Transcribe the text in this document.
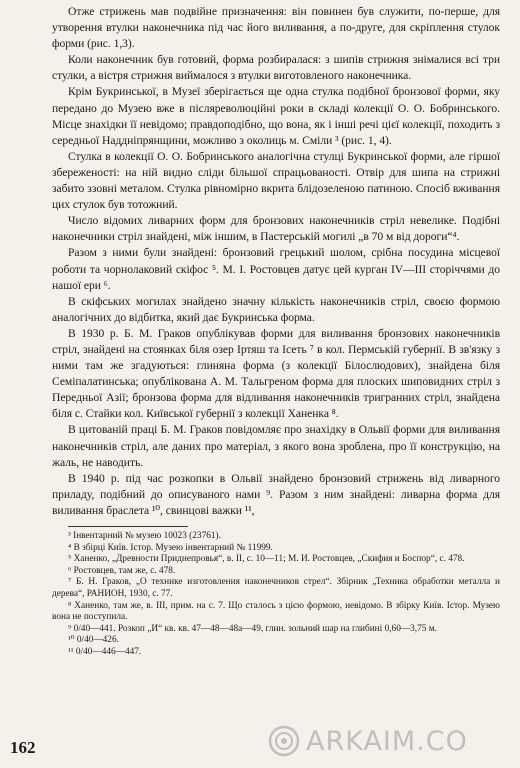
Отже стрижень мав подвійне призначення: він повинен був служити, по-перше, для утворення втулки наконечника під час його виливання, а по-друге, для скріплення стулок форми (рис. 1,3).

Коли наконечник був готовий, форма розбиралася: з шипів стрижня знімалися всі три стулки, а вістря стрижня виймалося з втулки виготовленого наконечника.

Крім Букринської, в Музеї зберігається ще одна стулка подібної бронзової форми, яку передано до Музею вже в післяреволюційні роки в складі колекції О. О. Бобринського. Місце знахідки її невідомо; правдоподібно, що вона, як і інші речі цієї колекції, походить з середньої Наддніпрянщини, можливо з околиць м. Сміли ³ (рис. 1, 4).

Стулка в колекції О. О. Бобринського аналогічна стулці Букринської форми, але гіршої збереженості: на ній видно сліди більшої спрацьованості. Отвір для шипа на стрижні забито ззовні металом. Стулка рівномірно вкрита блідозеленою патиною. Спосіб вживання цих стулок був тотожний.

Число відомих ливарних форм для бронзових наконечників стріл невелике. Подібні наконечники стріл знайдені, між іншим, в Пастерській могилі „в 70 м від дороги“⁴.

Разом з ними були знайдені: бронзовий грецький шолом, срібна посудина місцевої роботи та чорнолаковий скіфос ⁵. М. І. Ростовцев датує цей курган IV—III сторіччями до нашої ери ⁶.

В скіфських могилах знайдено значну кількість наконечників стріл, своєю формою аналогічних до відбитка, який дає Букринська форма.

В 1930 р. Б. М. Граков опублікував форми для виливання бронзових наконечників стріл, знайдені на стоянках біля озер Іртяш та Ісеть ⁷ в кол. Пермській губернії. В зв'язку з ними там же згадуються: глиняна форма (з колекції Білослюдових), знайдена біля Семіпалатинська; опублікована А. М. Тальгреном форма для плоских шиповидних стріл з Передньої Азії; бронзова форма для відливання наконечників тригранних стріл, знайдена біля с. Стайки кол. Київської губернії з колекції Ханенка ⁸.

В цитованій праці Б. М. Граков повідомляє про знахідку в Ольвії форми для виливання наконечників стріл, але даних про матеріал, з якого вона зроблена, про її конструкцію, на жаль, не наводить.

В 1940 р. під час розкопки в Ольвії знайдено бронзовий стрижень від ливарного приладу, подібний до описуваного нами ⁹. Разом з ним знайдені: ливарна форма для виливання браслета ¹⁰, свинцові важки ¹¹,

³ Інвентарний № музею 10023 (23761).

⁴ В збірці Київ. Істор. Музею інвентарний № 11999.

⁵ Ханенко, „Древности Приднепровья“, в. II, с. 10—11; М. И. Ростовцев, „Скифия и Боспор“, с. 478.

⁶ Ростовцев, там же, с. 478.

⁷ Б. Н. Граков, „О технике изготовления наконечников стрел“. Збірник „Техника обработки металла и дерева“, РАНИОН, 1930, с. 77.

⁸ Ханенко, там же, в. III, прим. на с. 7. Що сталось з цією формою, невідомо. В збірку Київ. Істор. Музею вона не поступила.

⁹ 0/40—441. Розкоп „И“ кв. кв. 47—48—48а—49, глин. зольний шар на глибині 0,60—3,75 м.

¹⁰ 0/40—426.

¹¹ 0/40—446—447.

162	ARKAIM.CO
